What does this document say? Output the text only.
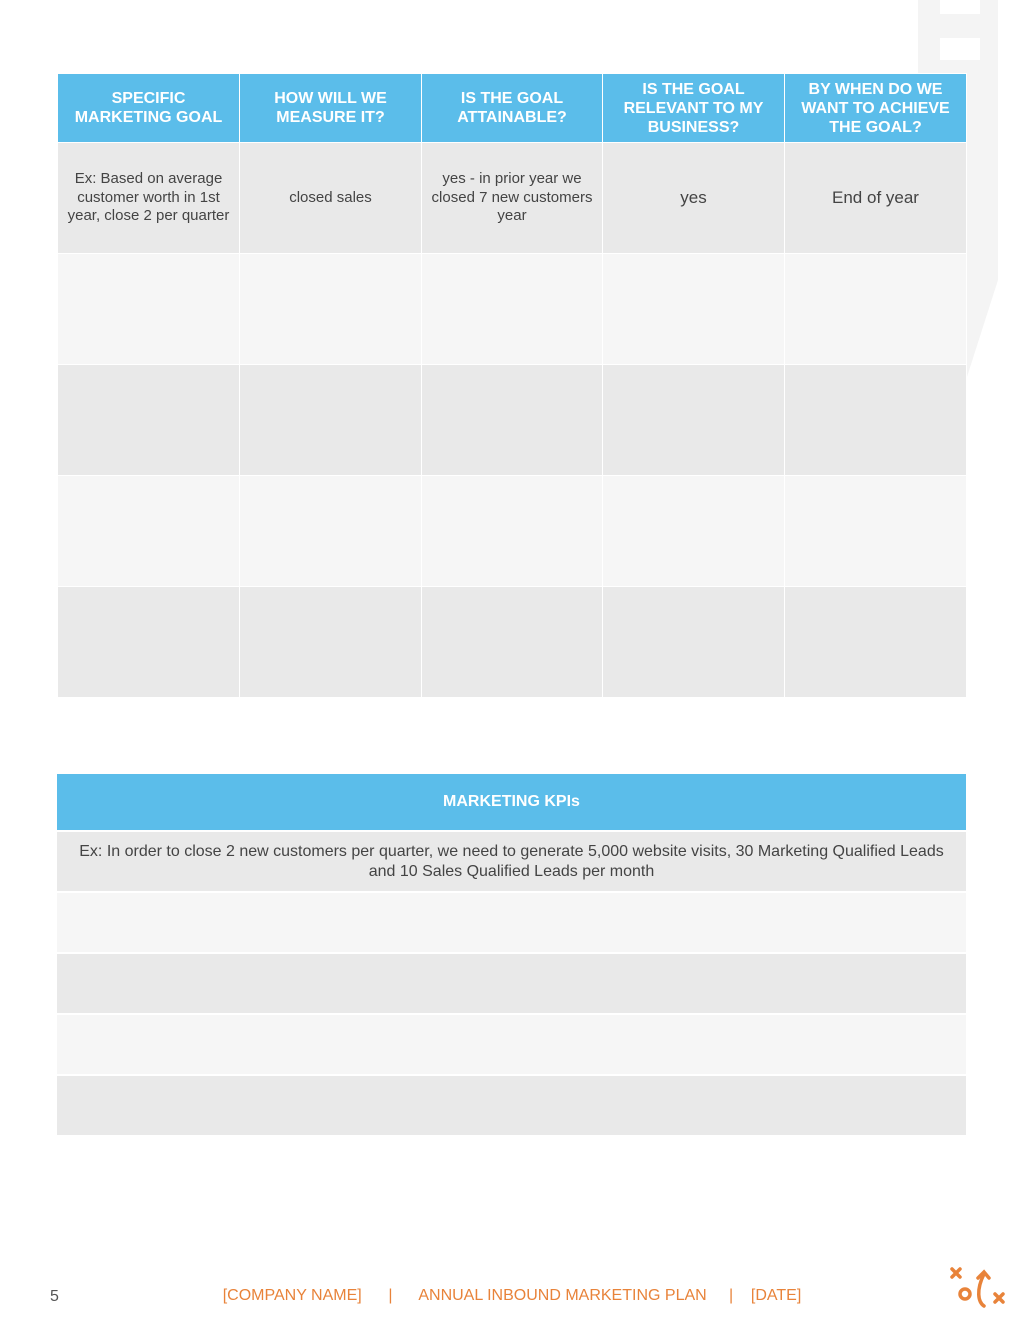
SPECIFIC MARKETING GOAL	HOW WILL WE MEASURE IT?	IS THE GOAL ATTAINABLE?	IS THE GOAL RELEVANT TO MY BUSINESS?	BY WHEN DO WE WANT TO ACHIEVE THE GOAL?
Ex: Based on average customer worth in 1st year, close 2 per quarter	closed sales	yes - in prior year we closed 7 new customers year	yes	End of year

MARKETING KPIs
Ex: In order to close 2 new customers per quarter, we need to generate 5,000 website visits, 30 Marketing Qualified Leads and 10 Sales Qualified Leads per month

5	[COMPANY NAME] | ANNUAL INBOUND MARKETING PLAN | [DATE]
